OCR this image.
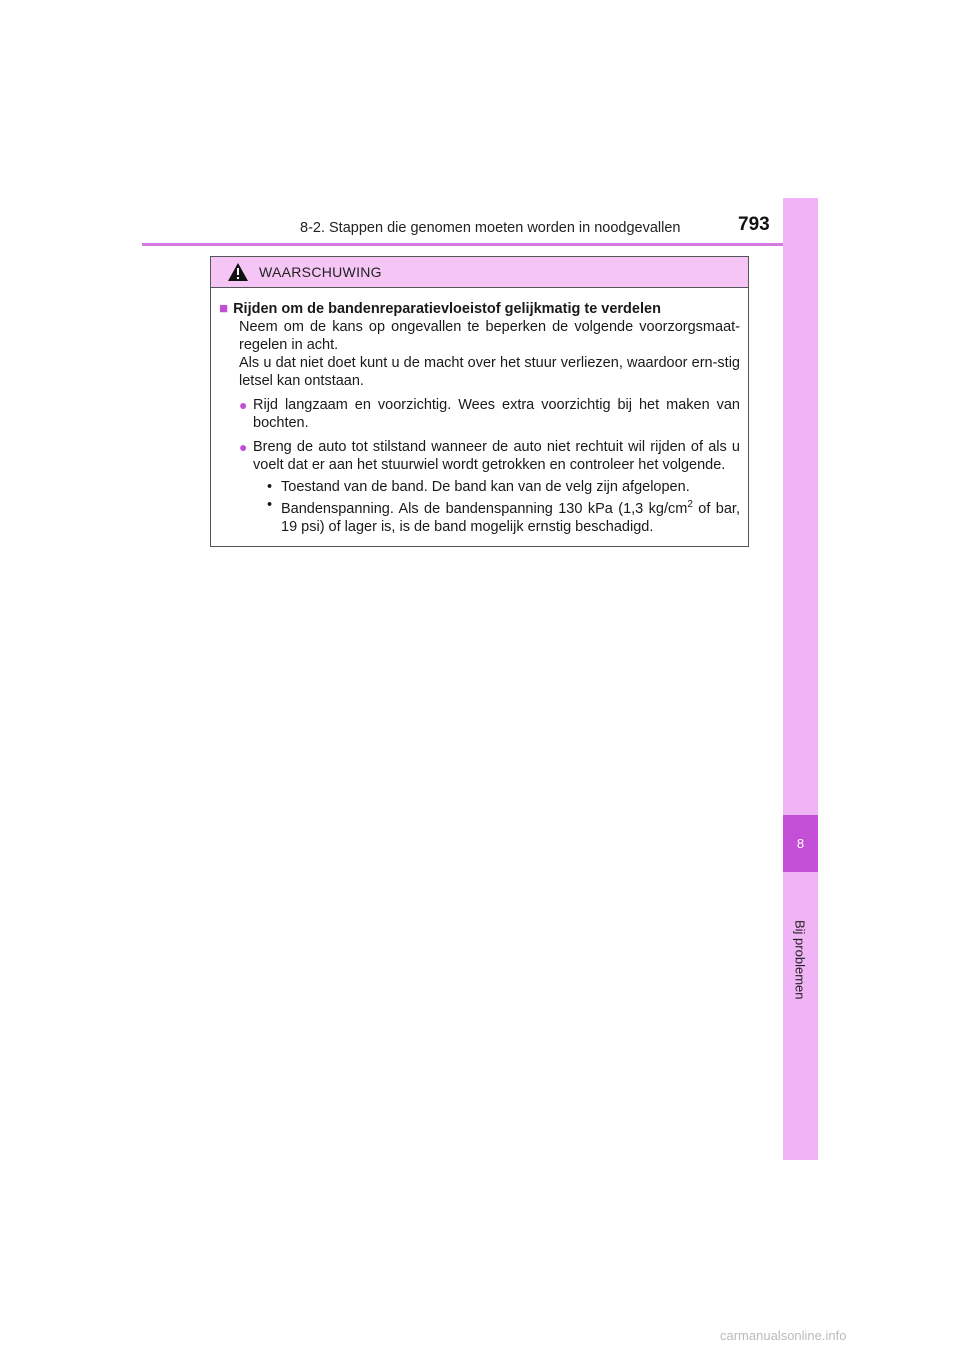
8-2. Stappen die genomen moeten worden in noodgevallen	793
8
Bij problemen
WAARSCHUWING
■ Rijden om de bandenreparatievloeistof gelijkmatig te verdelen
Neem om de kans op ongevallen te beperken de volgende voorzorgsmaat-regelen in acht.
Als u dat niet doet kunt u de macht over het stuur verliezen, waardoor ern-stig letsel kan ontstaan.
● Rijd langzaam en voorzichtig. Wees extra voorzichtig bij het maken van bochten.
● Breng de auto tot stilstand wanneer de auto niet rechtuit wil rijden of als u voelt dat er aan het stuurwiel wordt getrokken en controleer het volgende.
• Toestand van de band. De band kan van de velg zijn afgelopen.
• Bandenspanning. Als de bandenspanning 130 kPa (1,3 $kg/cm^2$ of bar, 19 psi) of lager is, is de band mogelijk ernstig beschadigd.
carmanualsonline.info
